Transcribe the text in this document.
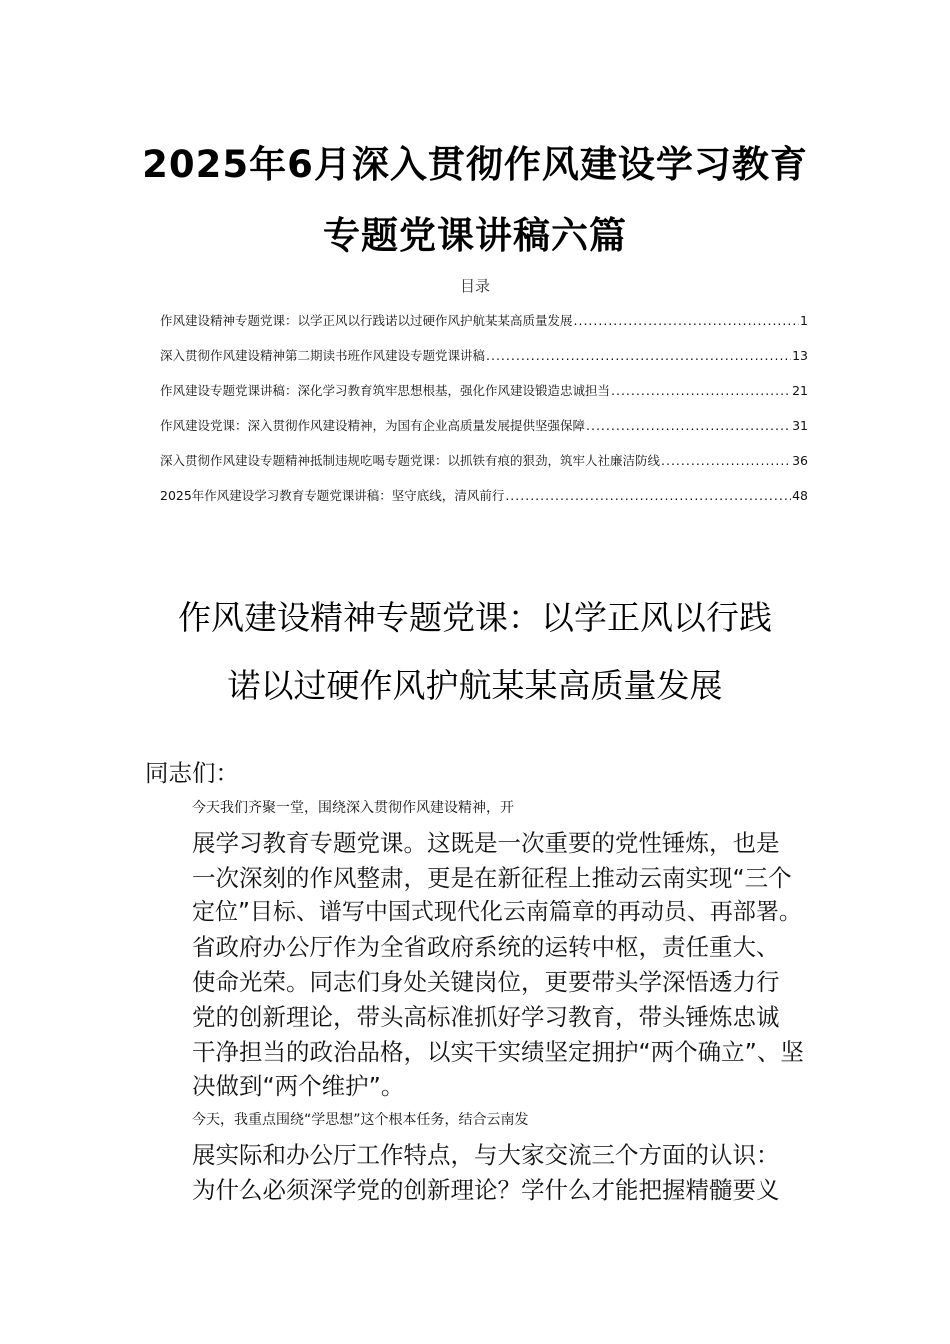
2025年6月深入贯彻作风建设学习教育
专题党课讲稿六篇
目录
作风建设精神专题党课：以学正风以行践诺以过硬作风护航某某高质量发展 .....	1
深入贯彻作风建设精神第二期读书班作风建设专题党课讲稿 .....	13
作风建设专题党课讲稿：深化学习教育筑牢思想根基，强化作风建设锻造忠诚担当 .....	21
作风建设党课：深入贯彻作风建设精神，为国有企业高质量发展提供坚强保障 .....	31
深入贯彻作风建设专题精神抵制违规吃喝专题党课：以抓铁有痕的狠劲，筑牢人社廉洁防线 .....	36
2025年作风建设学习教育专题党课讲稿：坚守底线，清风前行 .....	48
作风建设精神专题党课：以学正风以行践
诺以过硬作风护航某某高质量发展
同志们：
今天我们齐聚一堂，围绕深入贯彻作风建设精神，开
展学习教育专题党课。这既是一次重要的党性锤炼，也是
一次深刻的作风整肃，更是在新征程上推动云南实现“三个
定位”目标、谱写中国式现代化云南篇章的再动员、再部署。
省政府办公厅作为全省政府系统的运转中枢，责任重大、
使命光荣。同志们身处关键岗位，更要带头学深悟透力行
党的创新理论，带头高标准抓好学习教育，带头锤炼忠诚
干净担当的政治品格，以实干实绩坚定拥护“两个确立”、坚
决做到“两个维护”。
今天，我重点围绕“学思想”这个根本任务，结合云南发
展实际和办公厅工作特点，与大家交流三个方面的认识：
为什么必须深学党的创新理论？学什么才能把握精髓要义
